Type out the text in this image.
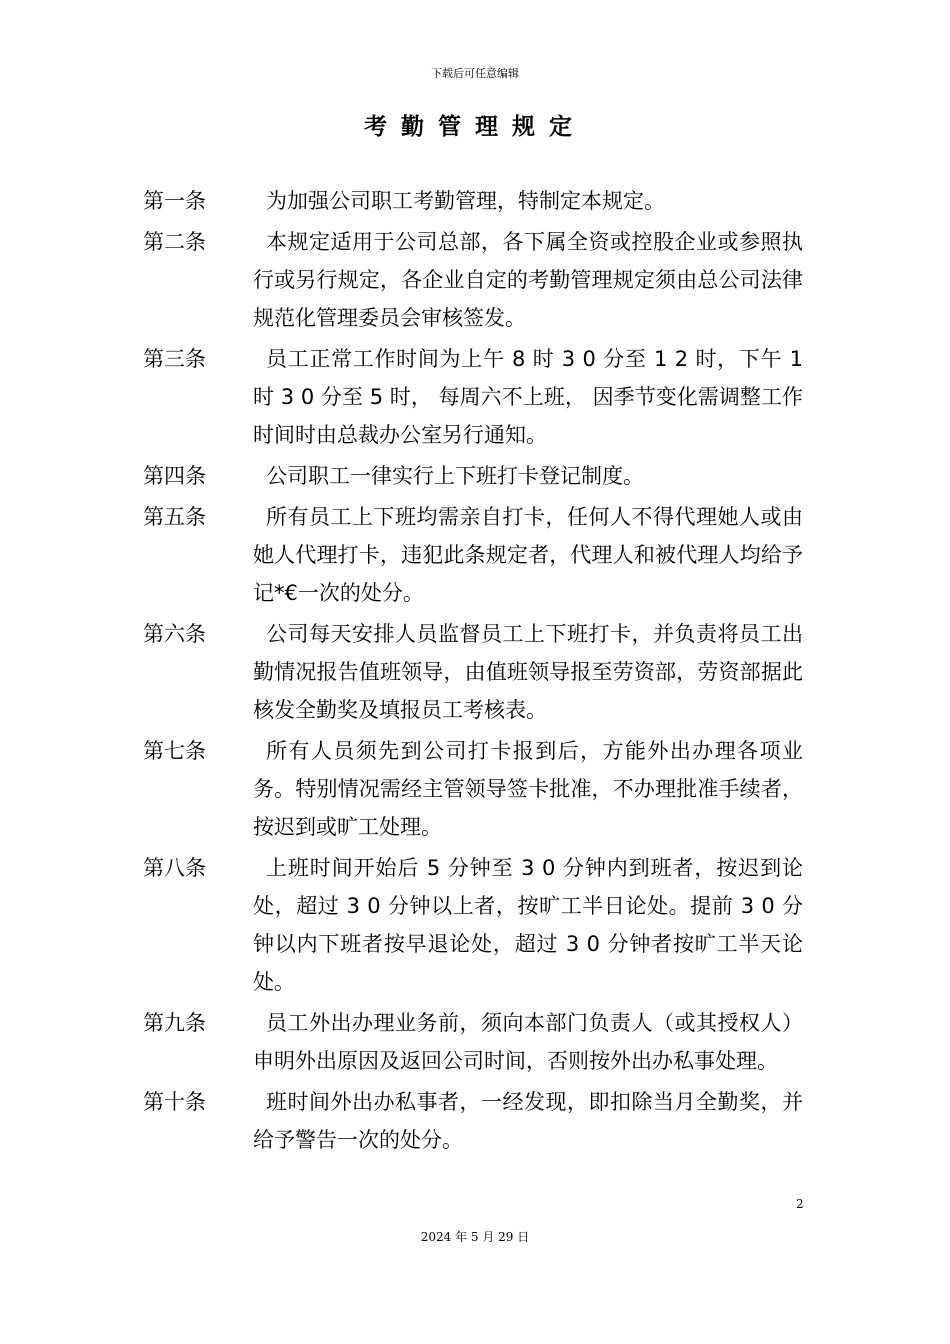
下载后可任意编辑
考勤管理规定
第一条	为加强公司职工考勤管理，特制定本规定。
第二条	本规定适用于公司总部，各下属全资或控股企业或参照执行或另行规定，各企业自定的考勤管理规定须由总公司法律规范化管理委员会审核签发。
第三条	员工正常工作时间为上午 8 时 3 0 分至 1 2 时，下午 1 时 3 0 分至 5 时， 每周六不上班， 因季节变化需调整工作时间时由总裁办公室另行通知。
第四条	公司职工一律实行上下班打卡登记制度。
第五条	所有员工上下班均需亲自打卡，任何人不得代理她人或由她人代理打卡，违犯此条规定者，代理人和被代理人均给予记*€一次的处分。
第六条	公司每天安排人员监督员工上下班打卡，并负责将员工出勤情况报告值班领导，由值班领导报至劳资部，劳资部据此核发全勤奖及填报员工考核表。
第七条	所有人员须先到公司打卡报到后，方能外出办理各项业务。特别情况需经主管领导签卡批准，不办理批准手续者，按迟到或旷工处理。
第八条	上班时间开始后 5 分钟至 3 0 分钟内到班者，按迟到论处，超过 3 0 分钟以上者，按旷工半日论处。提前 3 0 分钟以内下班者按早退论处，超过 3 0 分钟者按旷工半天论处。
第九条	员工外出办理业务前，须向本部门负责人（或其授权人）申明外出原因及返回公司时间，否则按外出办私事处理。
第十条	班时间外出办私事者，一经发现，即扣除当月全勤奖，并给予警告一次的处分。
2
2024 年 5 月 29 日
